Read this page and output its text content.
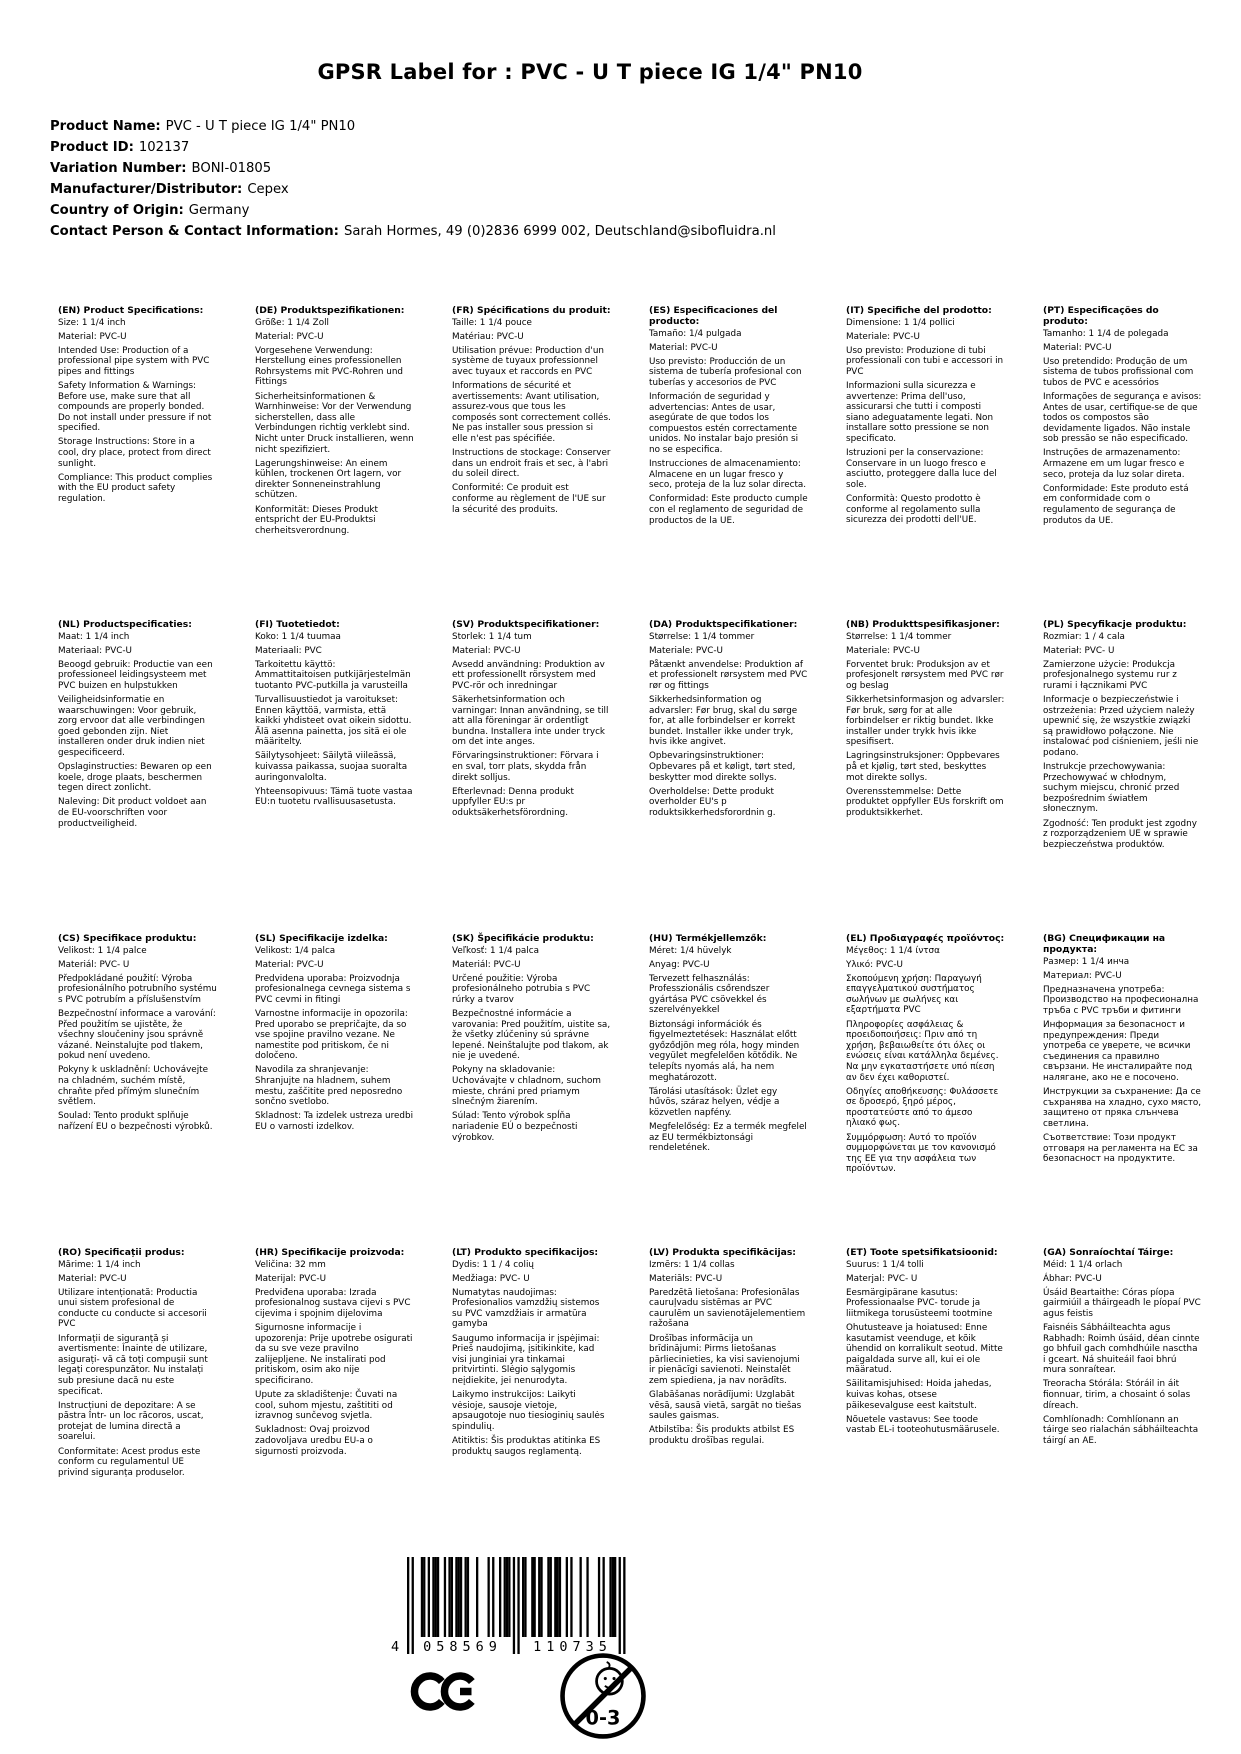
GPSR Label for : PVC - U T piece IG 1/4" PN10
Product Name: PVC - U T piece IG 1/4" PN10
Product ID: 102137
Variation Number: BONI-01805
Manufacturer/Distributor: Cepex
Country of Origin: Germany
Contact Person & Contact Information: Sarah Hormes, 49 (0)2836 6999 002, Deutschland@sibofluidra.nl
(EN) Product Specifications:

Size: 1 1/4 inch

Material: PVC-U

Intended Use: Production of a professional pipe system with PVC pipes and fittings

Safety Information & Warnings: Before use, make sure that all compounds are properly bonded. Do not install under pressure if not specified.

Storage Instructions: Store in a cool, dry place, protect from direct sunlight.

Compliance: This product complies with the EU product safety regulation.

(DE) Produktspezifikationen:

Größe: 1 1/4 Zoll

Material: PVC-U

Vorgesehene Verwendung: Herstellung eines professionellen Rohrsystems mit PVC-Rohren und Fittings

Sicherheitsinformationen & Warnhinweise: Vor der Verwendung sicherstellen, dass alle Verbindungen richtig verklebt sind. Nicht unter Druck installieren, wenn nicht spezifiziert.

Lagerungshinweise: An einem kühlen, trockenen Ort lagern, vor direkter Sonneneinstrahlung schützen.

Konformität: Dieses Produkt entspricht der EU-Produktsi cherheitsverordnung.

(FR) Spécifications du produit:

Taille: 1 1/4 pouce

Matériau: PVC-U

Utilisation prévue: Production d'un système de tuyaux professionnel avec tuyaux et raccords en PVC

Informations de sécurité et avertissements: Avant utilisation, assurez-vous que tous les composés sont correctement collés. Ne pas installer sous pression si elle n'est pas spécifiée.

Instructions de stockage: Conserver dans un endroit frais et sec, à l'abri du soleil direct.

Conformité: Ce produit est conforme au règlement de l'UE sur la sécurité des produits.

(ES) Especificaciones del producto:

Tamaño: 1/4 pulgada

Material: PVC-U

Uso previsto: Producción de un sistema de tubería profesional con tuberías y accesorios de PVC

Información de seguridad y advertencias: Antes de usar, asegúrate de que todos los compuestos estén correctamente unidos. No instalar bajo presión si no se especifica.

Instrucciones de almacenamiento: Almacene en un lugar fresco y seco, proteja de la luz solar directa.

Conformidad: Este producto cumple con el reglamento de seguridad de productos de la UE.

(IT) Specifiche del prodotto:

Dimensione: 1 1/4 pollici

Materiale: PVC-U

Uso previsto: Produzione di tubi professionali con tubi e accessori in PVC

Informazioni sulla sicurezza e avvertenze: Prima dell'uso, assicurarsi che tutti i composti siano adeguatamente legati. Non installare sotto pressione se non specificato.

Istruzioni per la conservazione: Conservare in un luogo fresco e asciutto, proteggere dalla luce del sole.

Conformità: Questo prodotto è conforme al regolamento sulla sicurezza dei prodotti dell'UE.

(PT) Especificações do produto:

Tamanho: 1 1/4 de polegada

Material: PVC-U

Uso pretendido: Produção de um sistema de tubos profissional com tubos de PVC e acessórios

Informações de segurança e avisos: Antes de usar, certifique-se de que todos os compostos são devidamente ligados. Não instale sob pressão se não especificado.

Instruções de armazenamento: Armazene em um lugar fresco e seco, proteja da luz solar direta.

Conformidade: Este produto está em conformidade com o regulamento de segurança de produtos da UE.

(NL) Productspecificaties:

Maat: 1 1/4 inch

Materiaal: PVC-U

Beoogd gebruik: Productie van een professioneel leidingsysteem met PVC buizen en hulpstukken

Veiligheidsinformatie en waarschuwingen: Voor gebruik, zorg ervoor dat alle verbindingen goed gebonden zijn. Niet installeren onder druk indien niet gespecificeerd.

Opslaginstructies: Bewaren op een koele, droge plaats, beschermen tegen direct zonlicht.

Naleving: Dit product voldoet aan de EU-voorschriften voor productveiligheid.

(FI) Tuotetiedot:

Koko: 1 1/4 tuumaa

Materiaali: PVC

Tarkoitettu käyttö: Ammattitaitoisen putkijärjestelmän tuotanto PVC-putkilla ja varusteilla

Turvallisuustiedot ja varoitukset: Ennen käyttöä, varmista, että kaikki yhdisteet ovat oikein sidottu. Älä asenna painetta, jos sitä ei ole määritelty.

Säilytysohjeet: Säilytä viileässä, kuivassa paikassa, suojaa suoralta auringonvalolta.

Yhteensopivuus: Tämä tuote vastaa EU:n tuotetu rvallisuusasetusta.

(SV) Produktspecifikationer:

Storlek: 1 1/4 tum

Material: PVC-U

Avsedd användning: Produktion av ett professionellt rörsystem med PVC-rör och inredningar

Säkerhetsinformation och varningar: Innan användning, se till att alla föreningar är ordentligt bundna. Installera inte under tryck om det inte anges.

Förvaringsinstruktioner: Förvara i en sval, torr plats, skydda från direkt solljus.

Efterlevnad: Denna produkt uppfyller EU:s pr oduktsäkerhetsförordning.

(DA) Produktspecifikationer:

Størrelse: 1 1/4 tommer

Materiale: PVC-U

Påtænkt anvendelse: Produktion af et professionelt rørsystem med PVC rør og fittings

Sikkerhedsinformation og advarsler: Før brug, skal du sørge for, at alle forbindelser er korrekt bundet. Installer ikke under tryk, hvis ikke angivet.

Opbevaringsinstruktioner: Opbevares på et køligt, tørt sted, beskytter mod direkte sollys.

Overholdelse: Dette produkt overholder EU's p roduktsikkerhedsforordnin g.

(NB) Produkttspesifikasjoner:

Størrelse: 1 1/4 tommer

Materiale: PVC-U

Forventet bruk: Produksjon av et profesjonelt rørsystem med PVC rør og beslag

Sikkerhetsinformasjon og advarsler: Før bruk, sørg for at alle forbindelser er riktig bundet. Ikke installer under trykk hvis ikke spesifisert.

Lagringsinstruksjoner: Oppbevares på et kjølig, tørt sted, beskyttes mot direkte sollys.

Overensstemmelse: Dette produktet oppfyller EUs forskrift om produktsikkerhet.

(PL) Specyfikacje produktu:

Rozmiar: 1 / 4 cala

Materiał: PVC- U

Zamierzone użycie: Produkcja profesjonalnego systemu rur z rurami i łącznikami PVC

Informacje o bezpieczeństwie i ostrzeżenia: Przed użyciem należy upewnić się, że wszystkie związki są prawidłowo połączone. Nie instalować pod ciśnieniem, jeśli nie podano.

Instrukcje przechowywania: Przechowywać w chłodnym, suchym miejscu, chronić przed bezpośrednim światłem słonecznym.

Zgodność: Ten produkt jest zgodny z rozporządzeniem UE w sprawie bezpieczeństwa produktów.

(CS) Specifikace produktu:

Velikost: 1 1/4 palce

Materiál: PVC- U

Předpokládané použití: Výroba profesionálního potrubního systému s PVC potrubím a příslušenstvím

Bezpečnostní informace a varování: Před použitím se ujistěte, že všechny sloučeniny jsou správně vázané. Neinstalujte pod tlakem, pokud není uvedeno.

Pokyny k uskladnění: Uchovávejte na chladném, suchém místě, chraňte před přímým slunečním světlem.

Soulad: Tento produkt splňuje nařízení EU o bezpečnosti výrobků.

(SL) Specifikacije izdelka:

Velikost: 1/4 palca

Material: PVC-U

Predvidena uporaba: Proizvodnja profesionalnega cevnega sistema s PVC cevmi in fitingi

Varnostne informacije in opozorila: Pred uporabo se prepričajte, da so vse spojine pravilno vezane. Ne namestite pod pritiskom, če ni določeno.

Navodila za shranjevanje: Shranjujte na hladnem, suhem mestu, zaščitite pred neposredno sončno svetlobo.

Skladnost: Ta izdelek ustreza uredbi EU o varnosti izdelkov.

(SK) Špecifikácie produktu:

Veľkosť: 1 1/4 palca

Materiál: PVC-U

Určené použitie: Výroba profesionálneho potrubia s PVC rúrky a tvarov

Bezpečnostné informácie a varovania: Pred použitím, uistite sa, že všetky zlúčeniny sú správne lepené. Neinštalujte pod tlakom, ak nie je uvedené.

Pokyny na skladovanie: Uchovávajte v chladnom, suchom mieste, chráni pred priamym slnečným žiarením.

Súlad: Tento výrobok spĺňa nariadenie EÚ o bezpečnosti výrobkov.

(HU) Termékjellemzők:

Méret: 1/4 hüvelyk

Anyag: PVC-U

Tervezett felhasználás: Professzionális csőrendszer gyártása PVC csövekkel és szerelvényekkel

Biztonsági információk és figyelmeztetések: Használat előtt győződjön meg róla, hogy minden vegyület megfelelően kötődik. Ne telepíts nyomás alá, ha nem meghatározott.

Tárolási utasítások: Üzlet egy hűvös, száraz helyen, védje a közvetlen napfény.

Megfelelőség: Ez a termék megfelel az EU termékbiztonsági rendeletének.

(EL) Προδιαγραφές προϊόντος:

Μέγεθος: 1 1/4 ίντσα

Υλικό: PVC-U

Σκοπούμενη χρήση: Παραγωγή επαγγελματικού συστήματος σωλήνων με σωλήνες και εξαρτήματα PVC

Πληροφορίες ασφάλειας & προειδοποιήσεις: Πριν από τη χρήση, βεβαιωθείτε ότι όλες οι ενώσεις είναι κατάλληλα δεμένες. Να μην εγκαταστήσετε υπό πίεση αν δεν έχει καθοριστεί.

Οδηγίες αποθήκευσης: Φυλάσσετε σε δροσερό, ξηρό μέρος, προστατεύστε από το άμεσο ηλιακό φως.

Συμμόρφωση: Αυτό το προϊόν συμμορφώνεται με τον κανονισμό της ΕΕ για την ασφάλεια των προϊόντων.

(BG) Спецификации на продукта:

Размер: 1 1/4 инча

Материал: PVC-U

Предназначена употреба: Производство на професионална тръба с PVC тръби и фитинги

Информация за безопасност и предупреждения: Преди употреба се уверете, че всички съединения са правилно свързани. Не инсталирайте под налягане, ако не е посочено.

Инструкции за съхранение: Да се съхранява на хладно, сухо място, защитено от пряка слънчева светлина.

Съответствие: Този продукт отговаря на регламента на ЕС за безопасност на продуктите.

(RO) Specificații produs:

Mărime: 1 1/4 inch

Material: PVC-U

Utilizare intenționată: Productia unui sistem profesional de conducte cu conducte si accesorii PVC

Informații de siguranță și avertismente: Înainte de utilizare, asigurați- vă că toți compușii sunt legați corespunzător. Nu instalați sub presiune dacă nu este specificat.

Instrucțiuni de depozitare: A se păstra într- un loc răcoros, uscat, protejat de lumina directă a soarelui.

Conformitate: Acest produs este conform cu regulamentul UE privind siguranța produselor.

(HR) Specifikacije proizvoda:

Veličina: 32 mm

Materijal: PVC-U

Predviđena uporaba: Izrada profesionalnog sustava cijevi s PVC cijevima i spojnim dijelovima

Sigurnosne informacije i upozorenja: Prije upotrebe osigurati da su sve veze pravilno zalijepljene. Ne instalirati pod pritiskom, osim ako nije specificirano.

Upute za skladištenje: Čuvati na cool, suhom mjestu, zaštititi od izravnog sunčevog svjetla.

Sukladnost: Ovaj proizvod zadovoljava uredbu EU-a o sigurnosti proizvoda.

(LT) Produkto specifikacijos:

Dydis: 1 1 / 4 colių

Medžiaga: PVC- U

Numatytas naudojimas: Profesionalios vamzdžių sistemos su PVC vamzdžiais ir armatūra gamyba

Saugumo informacija ir įspėjimai: Prieš naudojimą, įsitikinkite, kad visi junginiai yra tinkamai pritvirtinti. Slėgio sąlygomis neįdiekite, jei nenurodyta.

Laikymo instrukcijos: Laikyti vėsioje, sausoje vietoje, apsaugotoje nuo tiesioginių saulės spindulių.

Atitiktis: Šis produktas atitinka ES produktų saugos reglamentą.

(LV) Produkta specifikācijas:

Izmērs: 1 1/4 collas

Materiāls: PVC-U

Paredzētā lietošana: Profesionālas cauruļvadu sistēmas ar PVC caurulēm un savienotājelementiem ražošana

Drošības informācija un brīdinājumi: Pirms lietošanas pārliecinieties, ka visi savienojumi ir pienācīgi savienoti. Neinstalēt zem spiediena, ja nav norādīts.

Glabāšanas norādījumi: Uzglabāt vēsā, sausā vietā, sargāt no tiešas saules gaismas.

Atbilstība: Šis produkts atbilst ES produktu drošības regulai.

(ET) Toote spetsifikatsioonid:

Suurus: 1 1/4 tolli

Materjal: PVC- U

Eesmärgipärane kasutus: Professionaalse PVC- torude ja liitmikega torusüsteemi tootmine

Ohutusteave ja hoiatused: Enne kasutamist veenduge, et kõik ühendid on korralikult seotud. Mitte paigaldada surve all, kui ei ole määratud.

Säilitamisjuhised: Hoida jahedas, kuivas kohas, otsese päikesevalguse eest kaitstult.

Nõuetele vastavus: See toode vastab EL-i tooteohutusmäärusele.

(GA) Sonraíochtaí Táirge:

Méid: 1 1/4 orlach

Ábhar: PVC-U

Úsáid Beartaithe: Córas píopa gairmiúil a tháirgeadh le píopaí PVC agus feistis

Faisnéis Sábháilteachta agus Rabhadh: Roimh úsáid, déan cinnte go bhfuil gach comhdhúile nasctha i gceart. Ná shuiteáil faoi bhrú mura sonraítear.

Treoracha Stórála: Stóráil in áit fionnuar, tirim, a chosaint ó solas díreach.

Comhlíonadh: Comhlíonann an táirge seo rialachán sábháilteachta táirgí an AE.

4	058569	110735
0-3
